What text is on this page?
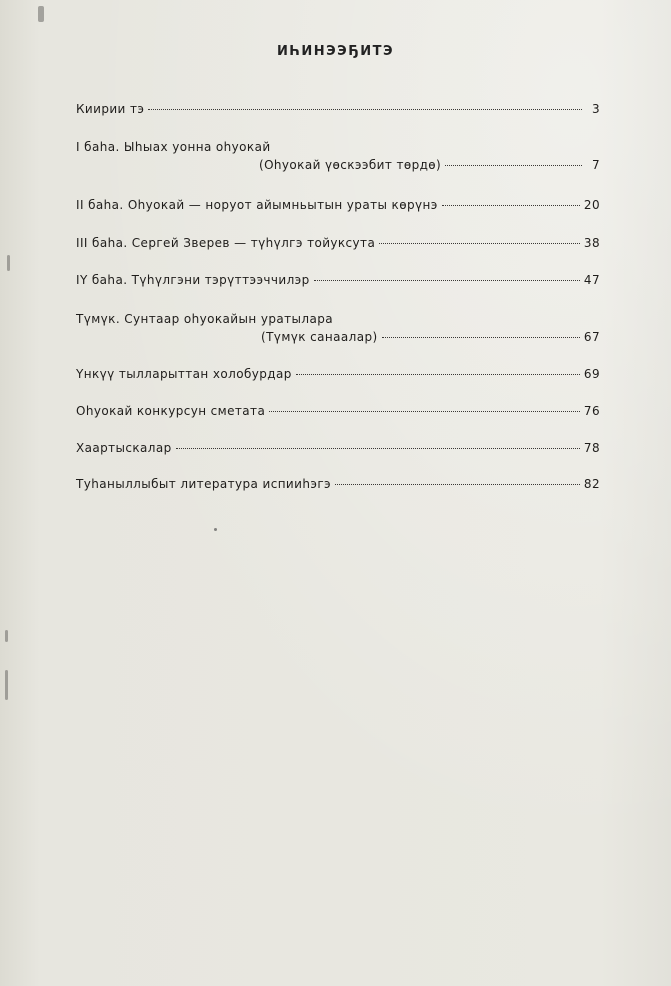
ИҺИНЭЭҔИТЭ
Киирии тэ	3
I баһа. Ыһыах уонна оһуокай
(Оһуокай үөскээбит төрдө)	7
II баһа. Оһуокай — норуот айымньытын ураты көрүнэ	20
III баһа. Сергей Зверев — түһүлгэ тойуксута	38
IҮ баһа. Түһүлгэни тэрүттээччилэр	47
Түмүк. Сунтаар оһуокайын уратылара
(Түмүк санаалар)	67
Үнкүү тылларыттан холобурдар	69
Оһуокай конкурсун сметата	76
Хаартыскалар	78
Туһаныллыбыт литература испииһэгэ	82
